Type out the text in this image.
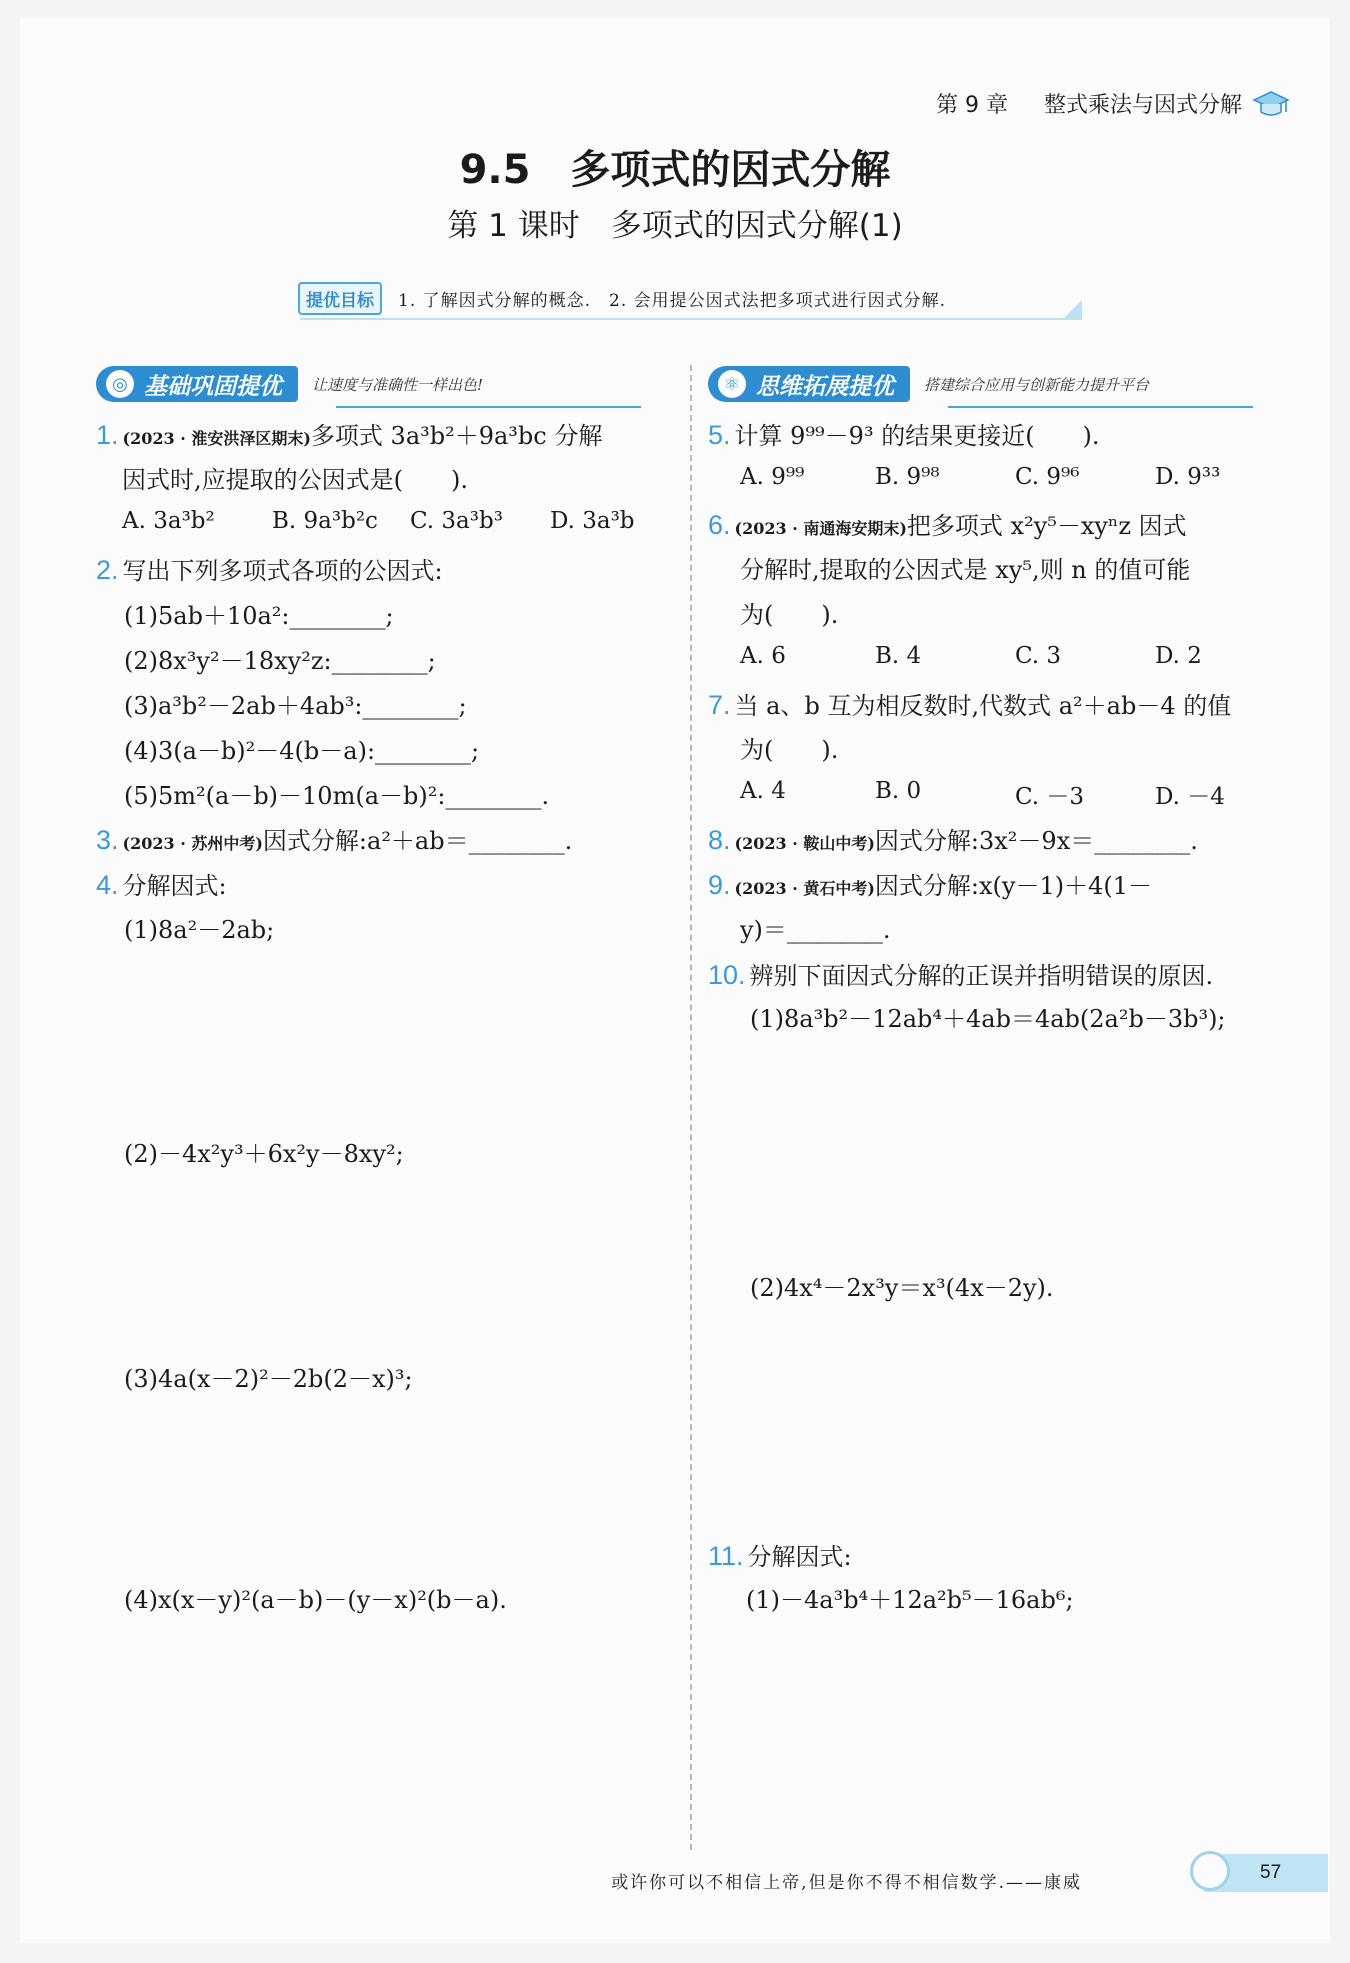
第 9 章 整式乘法与因式分解
9.5　多项式的因式分解
第 1 课时　多项式的因式分解(1)
提优目标	1. 了解因式分解的概念.　2. 会用提公因式法把多项式进行因式分解.
◎ 基础巩固提优 让速度与准确性一样出色!
1. (2023 · 淮安洪泽区期末)多项式 3a³b²＋9a³bc 分解
因式时,应提取的公因式是(　　).
A. 3a³b²	B. 9a³b²c	C. 3a³b³	D. 3a³b
2. 写出下列多项式各项的公因式:
(1)5ab＋10a²:________;
(2)8x³y²－18xy²z:________;
(3)a³b²－2ab＋4ab³:________;
(4)3(a－b)²－4(b－a):________;
(5)5m²(a－b)－10m(a－b)²:________.
3. (2023 · 苏州中考)因式分解:a²＋ab＝________.
4. 分解因式:
(1)8a²－2ab;
(2)－4x²y³＋6x²y－8xy²;
(3)4a(x－2)²－2b(2－x)³;
(4)x(x－y)²(a－b)－(y－x)²(b－a).
⚛ 思维拓展提优 搭建综合应用与创新能力提升平台
5. 计算 9⁹⁹－9³ 的结果更接近(　　).
A. 9⁹⁹	B. 9⁹⁸	C. 9⁹⁶	D. 9³³
6. (2023 · 南通海安期末)把多项式 x²y⁵－xyⁿz 因式
分解时,提取的公因式是 xy⁵,则 n 的值可能
为(　　).
A. 6	B. 4	C. 3	D. 2
7. 当 a、b 互为相反数时,代数式 a²＋ab－4 的值
为(　　).
A. 4	B. 0	C. －3	D. －4
8. (2023 · 鞍山中考)因式分解:3x²－9x＝________.
9. (2023 · 黄石中考)因式分解:x(y－1)＋4(1－
y)＝________.
10. 辨别下面因式分解的正误并指明错误的原因.
(1)8a³b²－12ab⁴＋4ab＝4ab(2a²b－3b³);
(2)4x⁴－2x³y＝x³(4x－2y).
11. 分解因式:
(1)－4a³b⁴＋12a²b⁵－16ab⁶;
或许你可以不相信上帝,但是你不得不相信数学.——康威	57
